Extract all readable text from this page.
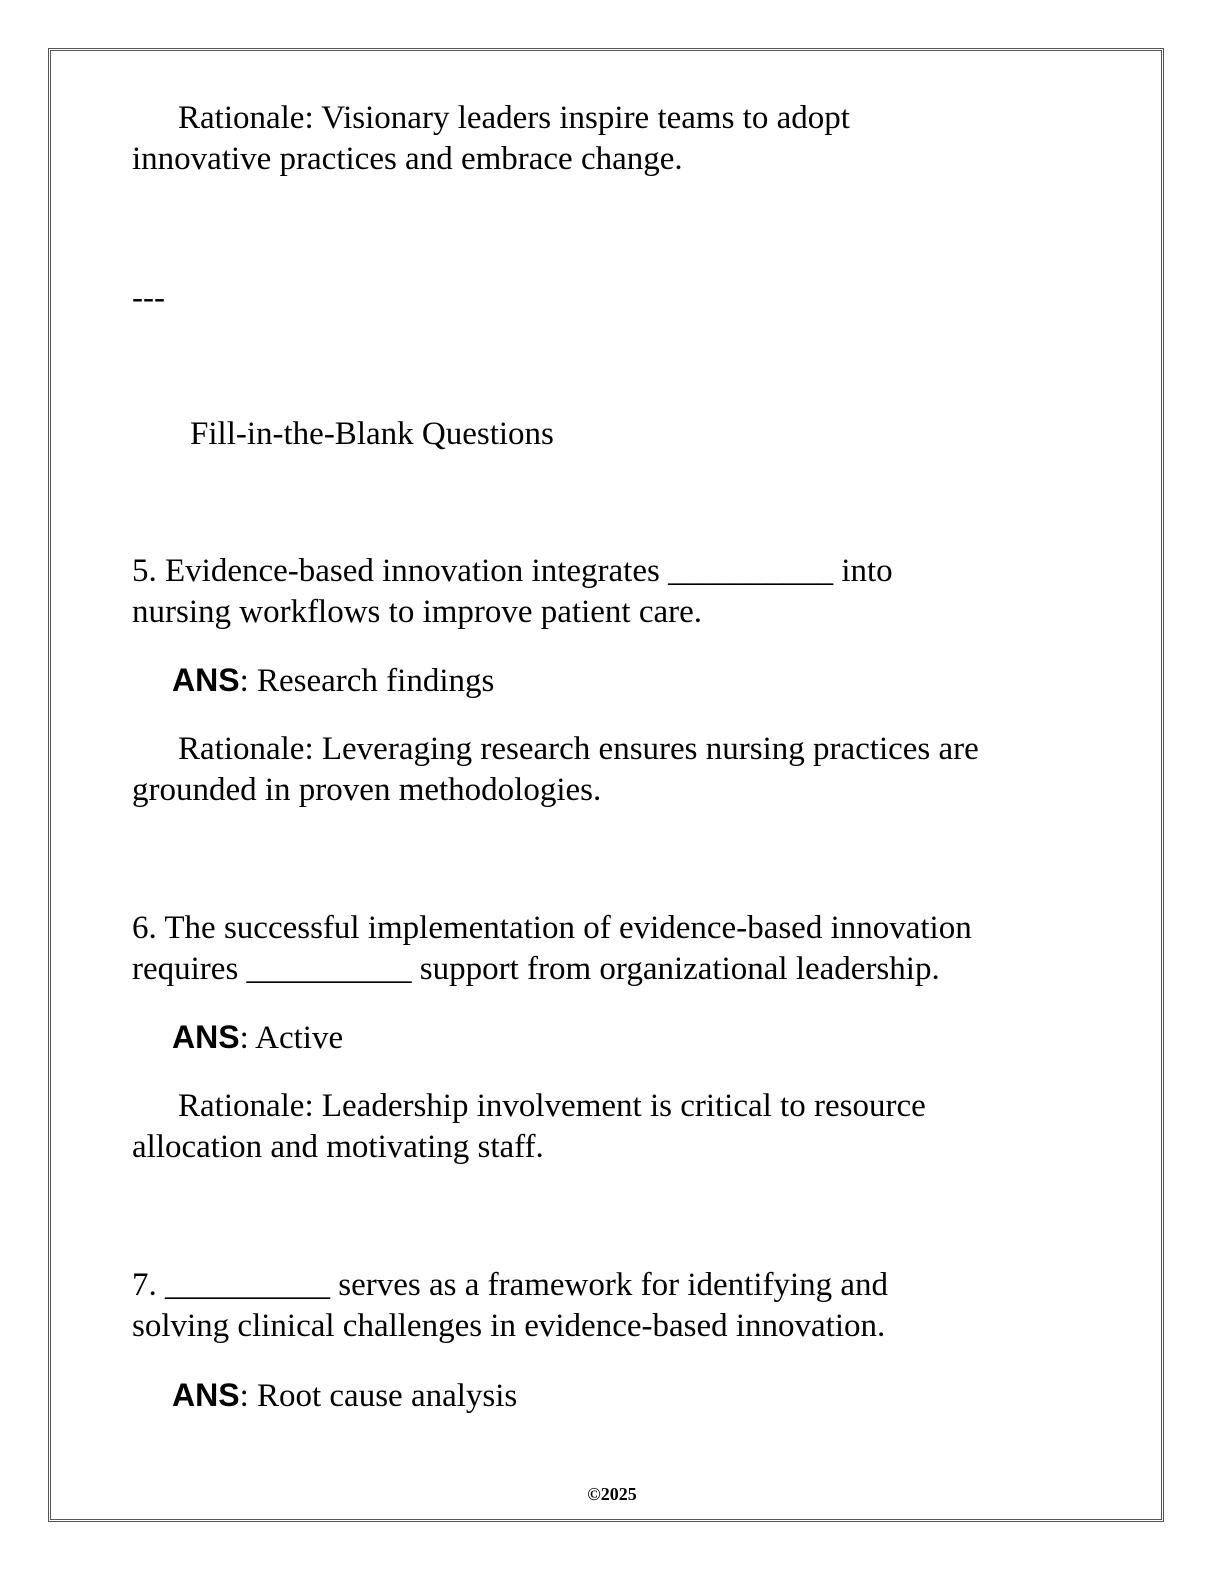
Rationale: Visionary leaders inspire teams to adopt
innovative practices and embrace change.
---
Fill-in-the-Blank Questions
5. Evidence-based innovation integrates __________ into
nursing workflows to improve patient care.
ANS: Research findings
Rationale: Leveraging research ensures nursing practices are
grounded in proven methodologies.
6. The successful implementation of evidence-based innovation
requires __________ support from organizational leadership.
ANS: Active
Rationale: Leadership involvement is critical to resource
allocation and motivating staff.
7. __________ serves as a framework for identifying and
solving clinical challenges in evidence-based innovation.
ANS: Root cause analysis
©2025
